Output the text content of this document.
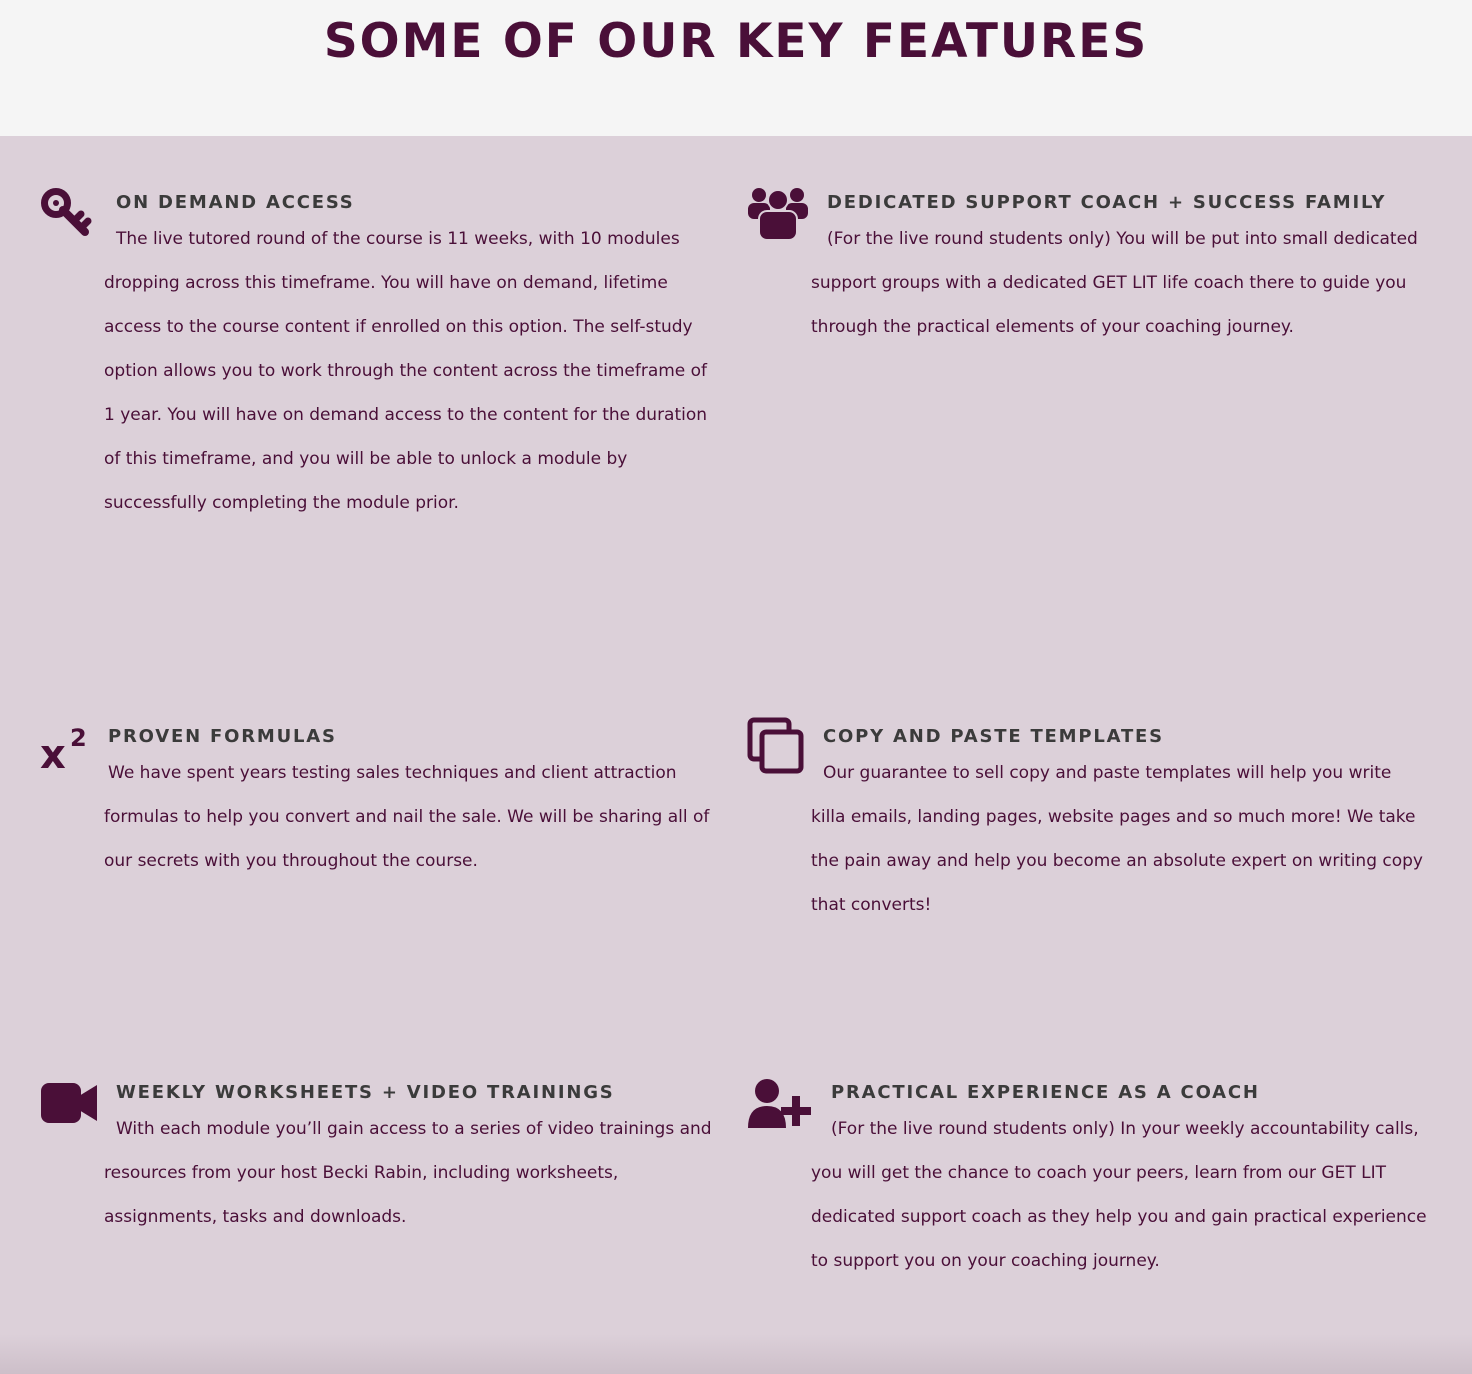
SOME OF OUR KEY FEATURES
ON DEMAND ACCESS

The live tutored round of the course is 11 weeks, with 10 modules dropping across this timeframe. You will have on demand, lifetime access to the course content if enrolled on this option. The self-study option allows you to work through the content across the timeframe of 1 year. You will have on demand access to the content for the duration of this timeframe, and you will be able to unlock a module by successfully completing the module prior.

DEDICATED SUPPORT COACH + SUCCESS FAMILY

(For the live round students only) You will be put into small dedicated support groups with a dedicated GET LIT life coach there to guide you through the practical elements of your coaching journey.

x 2 PROVEN FORMULAS

We have spent years testing sales techniques and client attraction formulas to help you convert and nail the sale. We will be sharing all of our secrets with you throughout the course.

COPY AND PASTE TEMPLATES

Our guarantee to sell copy and paste templates will help you write killa emails, landing pages, website pages and so much more! We take the pain away and help you become an absolute expert on writing copy that converts!

WEEKLY WORKSHEETS + VIDEO TRAININGS

With each module you’ll gain access to a series of video trainings and resources from your host Becki Rabin, including worksheets, assignments, tasks and downloads.

PRACTICAL EXPERIENCE AS A COACH

(For the live round students only) In your weekly accountability calls, you will get the chance to coach your peers, learn from our GET LIT dedicated support coach as they help you and gain practical experience to support you on your coaching journey.
